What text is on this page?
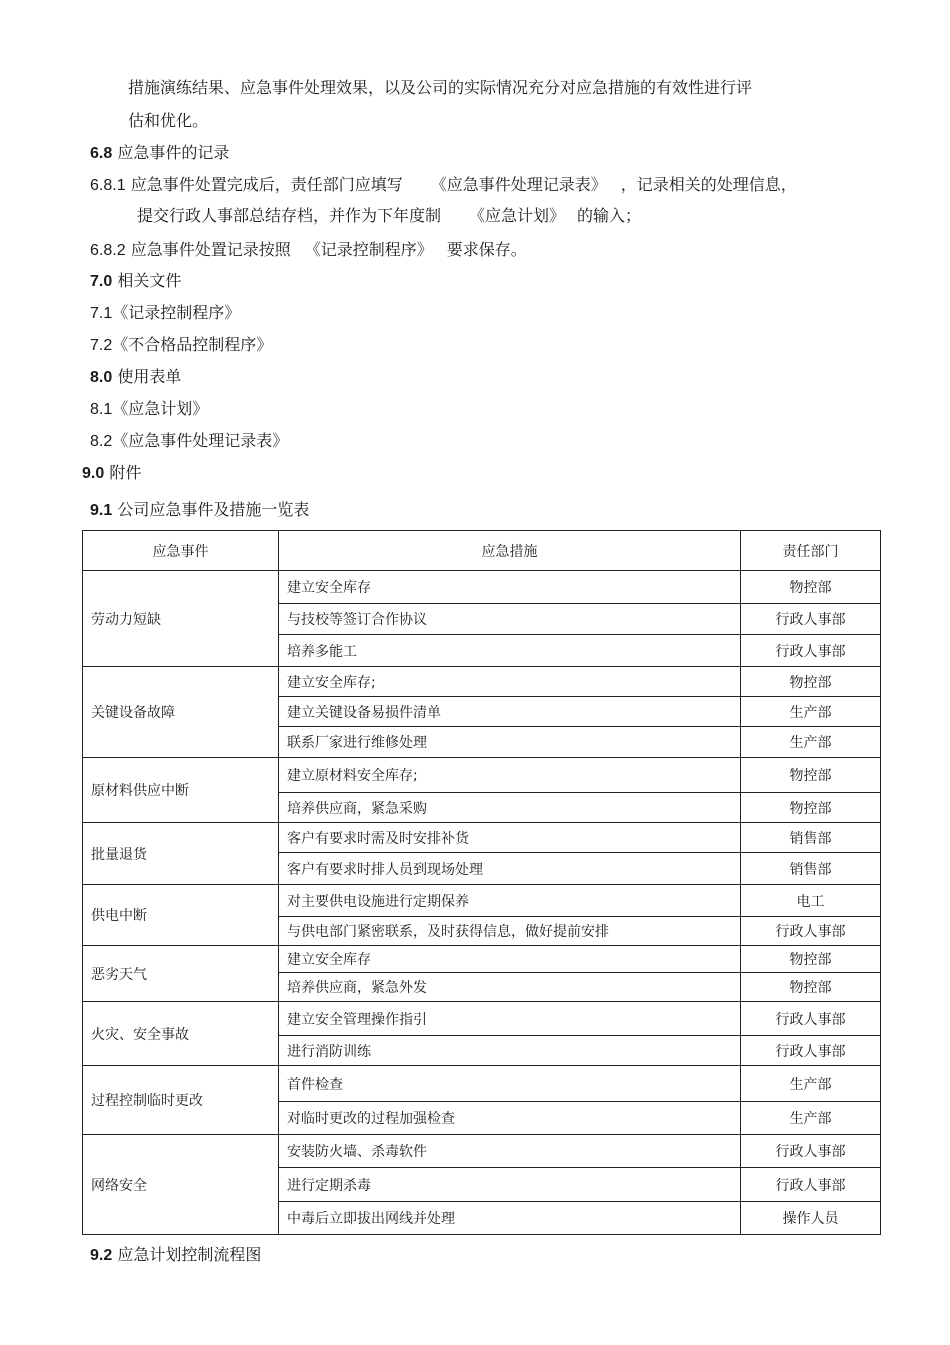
措施演练结果、应急事件处理效果，以及公司的实际情况充分对应急措施的有效性进行评
估和优化。
6.8 应急事件的记录
6.8.1 应急事件处置完成后，责任部门应填写 《应急事件处理记录表》 ，记录相关的处理信息，
提交行政人事部总结存档，并作为下年度制 《应急计划》 的输入；
6.8.2 应急事件处置记录按照 《记录控制程序》 要求保存。
7.0 相关文件
7.1《记录控制程序》
7.2《不合格品控制程序》
8.0 使用表单
8.1《应急计划》
8.2《应急事件处理记录表》
9.0 附件
9.1 公司应急事件及措施一览表
应急事件	应急措施	责任部门
劳动力短缺	建立安全库存	物控部
	与技校等签订合作协议	行政人事部
	培养多能工	行政人事部
关键设备故障	建立安全库存;	物控部
	建立关键设备易损件清单	生产部
	联系厂家进行维修处理	生产部
原材料供应中断	建立原材料安全库存;	物控部
	培养供应商，紧急采购	物控部
批量退货	客户有要求时需及时安排补货	销售部
	客户有要求时排人员到现场处理	销售部
供电中断	对主要供电设施进行定期保养	电工
	与供电部门紧密联系，及时获得信息，做好提前安排	行政人事部
恶劣天气	建立安全库存	物控部
	培养供应商，紧急外发	物控部
火灾、安全事故	建立安全管理操作指引	行政人事部
	进行消防训练	行政人事部
过程控制临时更改	首件检查	生产部
	对临时更改的过程加强检查	生产部
网络安全	安装防火墙、杀毒软件	行政人事部
	进行定期杀毒	行政人事部
	中毒后立即拔出网线并处理	操作人员
9.2 应急计划控制流程图
